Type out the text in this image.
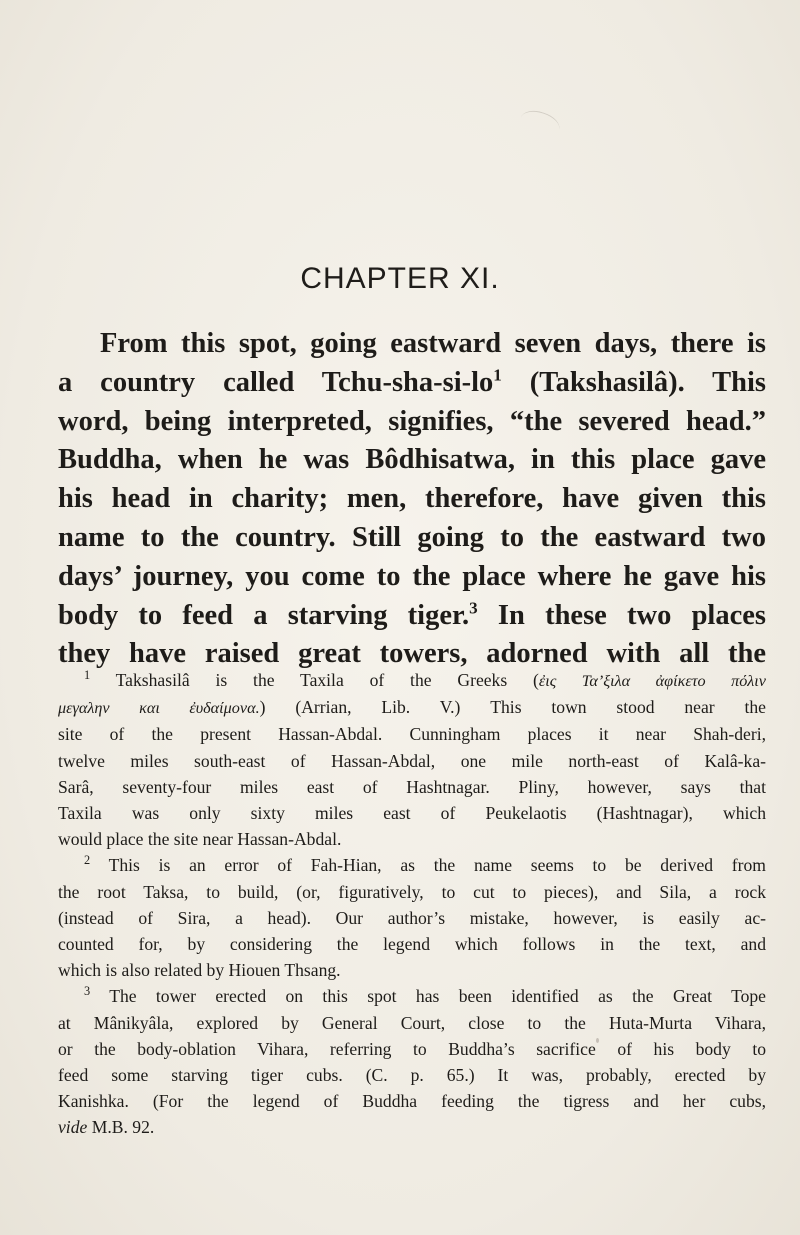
CHAPTER XI.
From this spot, going eastward seven days, there is
a country called Tchu-$sha-si-lo^1$ (Takshasilâ). This
word, being interpreted, signifies, “the severed head.”
Buddha, when he was Bôdhisatwa, in this place gave
his head in charity; men, therefore, have given this
name to the country. Still going to the eastward two
days’ journey, you come to the place where he gave his
body to feed a starving tiger.$^3$ In these two places
they have raised great towers, adorned with all the
$^1$ Takshasilâ is the Taxila of the Greeks (ἐις Τα’ξιλα ἀφίκετο πόλιν
μεγαλην και ἐυδαίμονα.) (Arrian, Lib. V.) This town stood near the
site of the present Hassan-Abdal. Cunningham places it near Shah-deri,
twelve miles south-east of Hassan-Abdal, one mile north-east of Kalâ-ka-
Sarâ, seventy-four miles east of Hashtnagar. Pliny, however, says that
Taxila was only sixty miles east of Peukelaotis (Hashtnagar), which
would place the site near Hassan-Abdal.
$^2$ This is an error of Fah-Hian, as the name seems to be derived from
the root Taksa, to build, (or, figuratively, to cut to pieces), and Sila, a rock
(instead of Sira, a head). Our author’s mistake, however, is easily ac-
counted for, by considering the legend which follows in the text, and
which is also related by Hiouen Thsang.
$^3$ The tower erected on this spot has been identified as the Great Tope
at Mânikyâla, explored by General Court, close to the Huta-Murta Vihara,
or the body-oblation Vihara, referring to Buddha’s sacrifice of his body to
feed some starving tiger cubs. (C. p. 65.) It was, probably, erected by
Kanishka. (For the legend of Buddha feeding the tigress and her cubs,
vide M.B. 92.
